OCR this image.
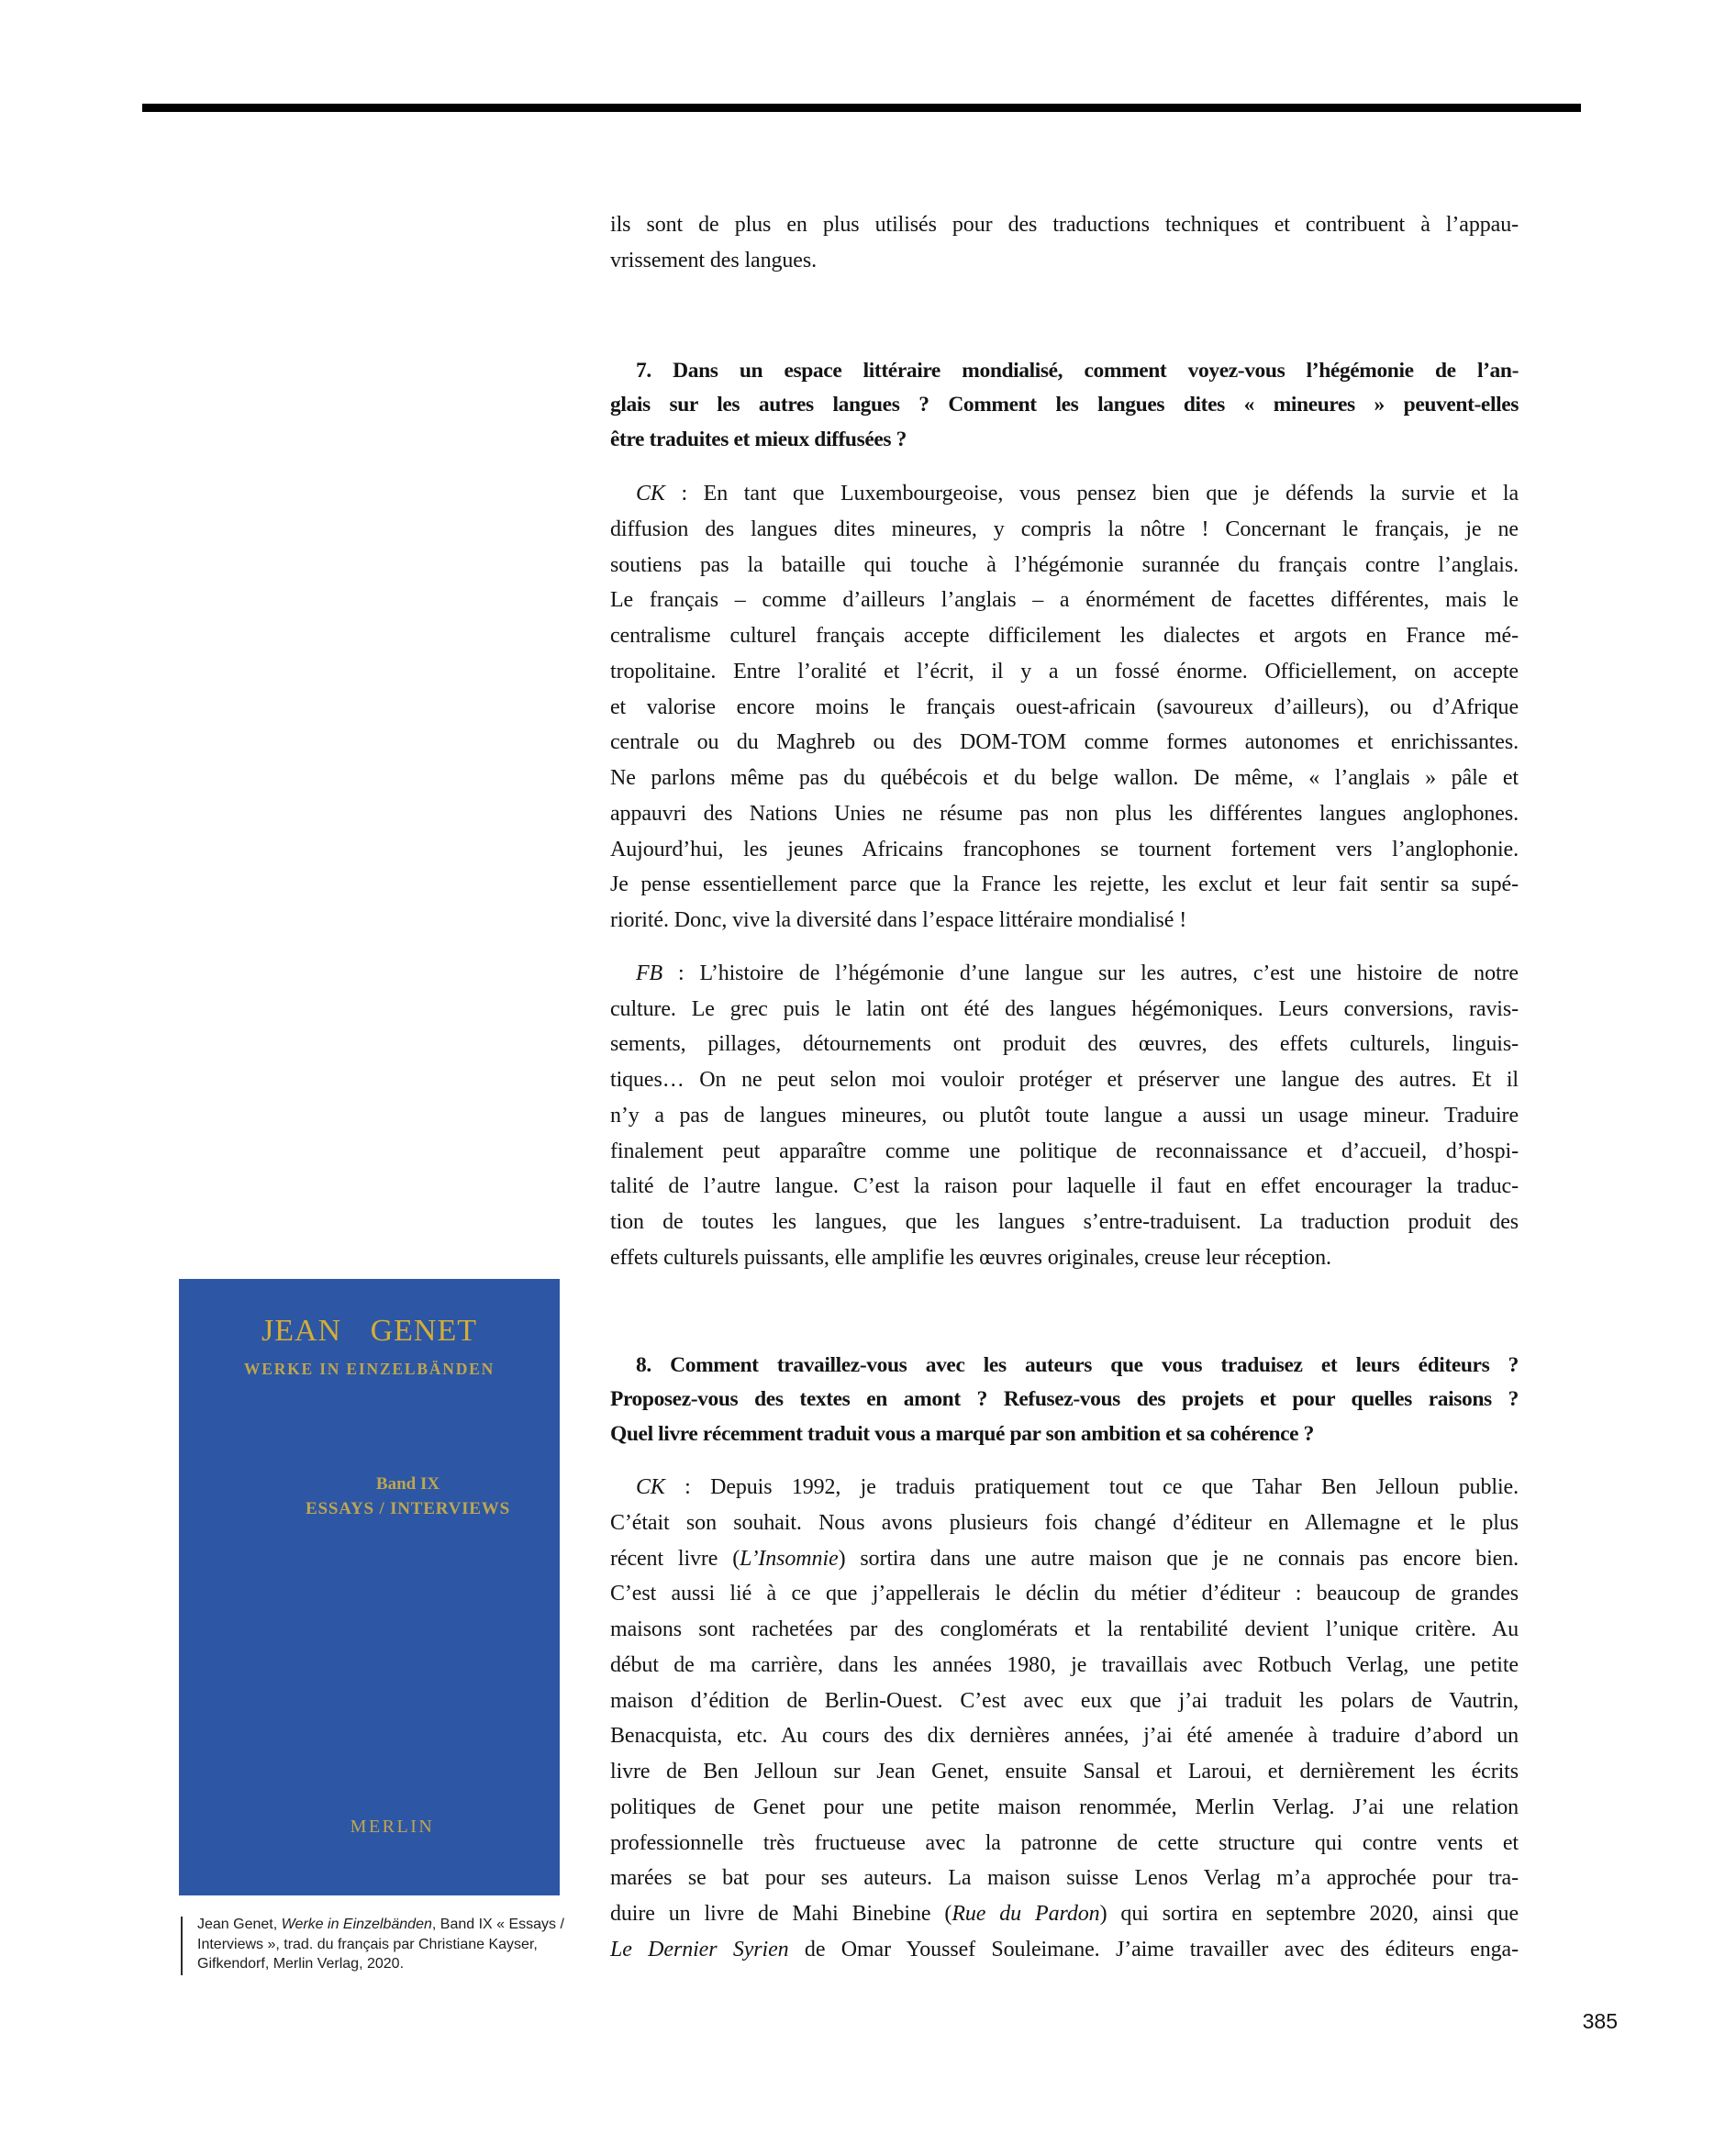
ils sont de plus en plus utilisés pour des traductions techniques et contribuent à l’appau-
vrissement des langues.
7. Dans un espace littéraire mondialisé, comment voyez-vous l’hégémonie de l’an-
glais sur les autres langues ? Comment les langues dites « mineures » peuvent-elles
être traduites et mieux diffusées ?
CK : En tant que Luxembourgeoise, vous pensez bien que je défends la survie et la
diffusion des langues dites mineures, y compris la nôtre ! Concernant le français, je ne
soutiens pas la bataille qui touche à l’hégémonie surannée du français contre l’anglais.
Le français – comme d’ailleurs l’anglais – a énormément de facettes différentes, mais le
centralisme culturel français accepte difficilement les dialectes et argots en France mé-
tropolitaine. Entre l’oralité et l’écrit, il y a un fossé énorme. Officiellement, on accepte
et valorise encore moins le français ouest-africain (savoureux d’ailleurs), ou d’Afrique
centrale ou du Maghreb ou des DOM-TOM comme formes autonomes et enrichissantes.
Ne parlons même pas du québécois et du belge wallon. De même, « l’anglais » pâle et
appauvri des Nations Unies ne résume pas non plus les différentes langues anglophones.
Aujourd’hui, les jeunes Africains francophones se tournent fortement vers l’anglophonie.
Je pense essentiellement parce que la France les rejette, les exclut et leur fait sentir sa supé-
riorité. Donc, vive la diversité dans l’espace littéraire mondialisé !
FB : L’histoire de l’hégémonie d’une langue sur les autres, c’est une histoire de notre
culture. Le grec puis le latin ont été des langues hégémoniques. Leurs conversions, ravis-
sements, pillages, détournements ont produit des œuvres, des effets culturels, linguis-
tiques… On ne peut selon moi vouloir protéger et préserver une langue des autres. Et il
n’y a pas de langues mineures, ou plutôt toute langue a aussi un usage mineur. Traduire
finalement peut apparaître comme une politique de reconnaissance et d’accueil, d’hospi-
talité de l’autre langue. C’est la raison pour laquelle il faut en effet encourager la traduc-
tion de toutes les langues, que les langues s’entre-traduisent. La traduction produit des
effets culturels puissants, elle amplifie les œuvres originales, creuse leur réception.
8. Comment travaillez-vous avec les auteurs que vous traduisez et leurs éditeurs ?
Proposez-vous des textes en amont ? Refusez-vous des projets et pour quelles raisons ?
Quel livre récemment traduit vous a marqué par son ambition et sa cohérence ?
CK : Depuis 1992, je traduis pratiquement tout ce que Tahar Ben Jelloun publie.
C’était son souhait. Nous avons plusieurs fois changé d’éditeur en Allemagne et le plus
récent livre (L’Insomnie) sortira dans une autre maison que je ne connais pas encore bien.
C’est aussi lié à ce que j’appellerais le déclin du métier d’éditeur : beaucoup de grandes
maisons sont rachetées par des conglomérats et la rentabilité devient l’unique critère. Au
début de ma carrière, dans les années 1980, je travaillais avec Rotbuch Verlag, une petite
maison d’édition de Berlin-Ouest. C’est avec eux que j’ai traduit les polars de Vautrin,
Benacquista, etc. Au cours des dix dernières années, j’ai été amenée à traduire d’abord un
livre de Ben Jelloun sur Jean Genet, ensuite Sansal et Laroui, et dernièrement les écrits
politiques de Genet pour une petite maison renommée, Merlin Verlag. J’ai une relation
professionnelle très fructueuse avec la patronne de cette structure qui contre vents et
marées se bat pour ses auteurs. La maison suisse Lenos Verlag m’a approchée pour tra-
duire un livre de Mahi Binebine (Rue du Pardon) qui sortira en septembre 2020, ainsi que
Le Dernier Syrien de Omar Youssef Souleimane. J’aime travailler avec des éditeurs enga-
JEAN GENET
WERKE IN EINZELBÄNDEN
Band IX
ESSAYS / INTERVIEWS
MERLIN
Jean Genet, Werke in Einzelbänden, Band IX « Essays /
Interviews », trad. du français par Christiane Kayser,
Gifkendorf, Merlin Verlag, 2020.
385
